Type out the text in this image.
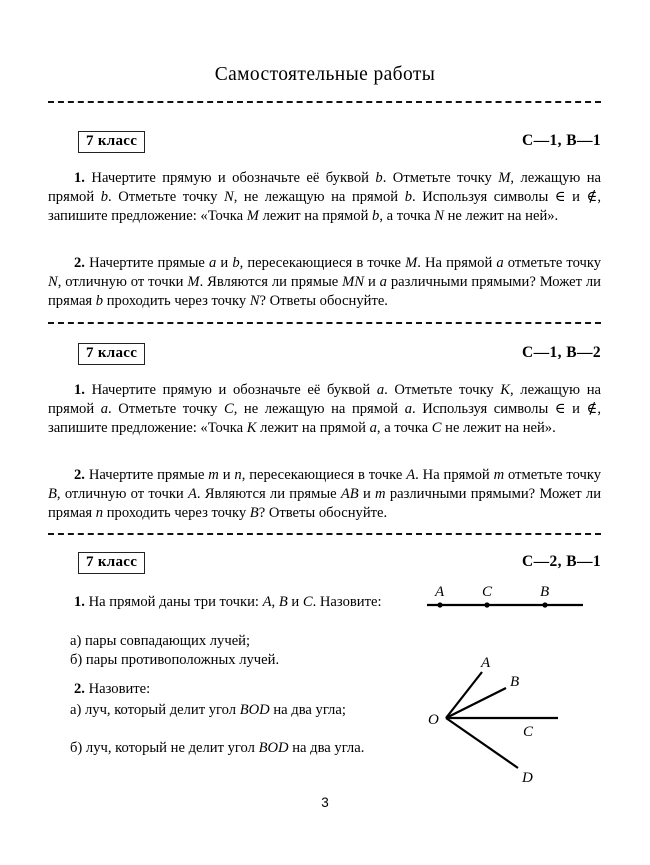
Самостоятельные работы
7 класс	С—1, В—1

1. Начертите прямую и обозначьте её буквой b. Отметьте точку M, лежащую на прямой b. Отметьте точку N, не лежащую на прямой b. Используя символы ∈ и ∉, запишите предложение: «Точка M лежит на прямой b, а точка N не лежит на ней».

2. Начертите прямые a и b, пересекающиеся в точке M. На прямой a отметьте точку N, отличную от точки M. Являются ли прямые MN и a различными прямыми? Может ли прямая b проходить через точку N? Ответы обоснуйте.

7 класс	С—1, В—2

1. Начертите прямую и обозначьте её буквой a. Отметьте точку K, лежащую на прямой a. Отметьте точку C, не лежащую на прямой a. Используя символы ∈ и ∉, запишите предложение: «Точка K лежит на прямой a, а точка C не лежит на ней».

2. Начертите прямые m и n, пересекающиеся в точке A. На прямой m отметьте точку B, отличную от точки A. Являются ли прямые AB и m различными прямыми? Может ли прямая n проходить через точку B? Ответы обоснуйте.

7 класс	С—2, В—1

1. На прямой даны три точки: A, B и C. Назовите:

а) пары совпадающих лучей;

б) пары противоположных лучей.

2. Назовите:

а) луч, который делит угол BOD на два угла;

б) луч, который не делит угол BOD на два угла.

A	C	B
O
A
B
C
D
3
